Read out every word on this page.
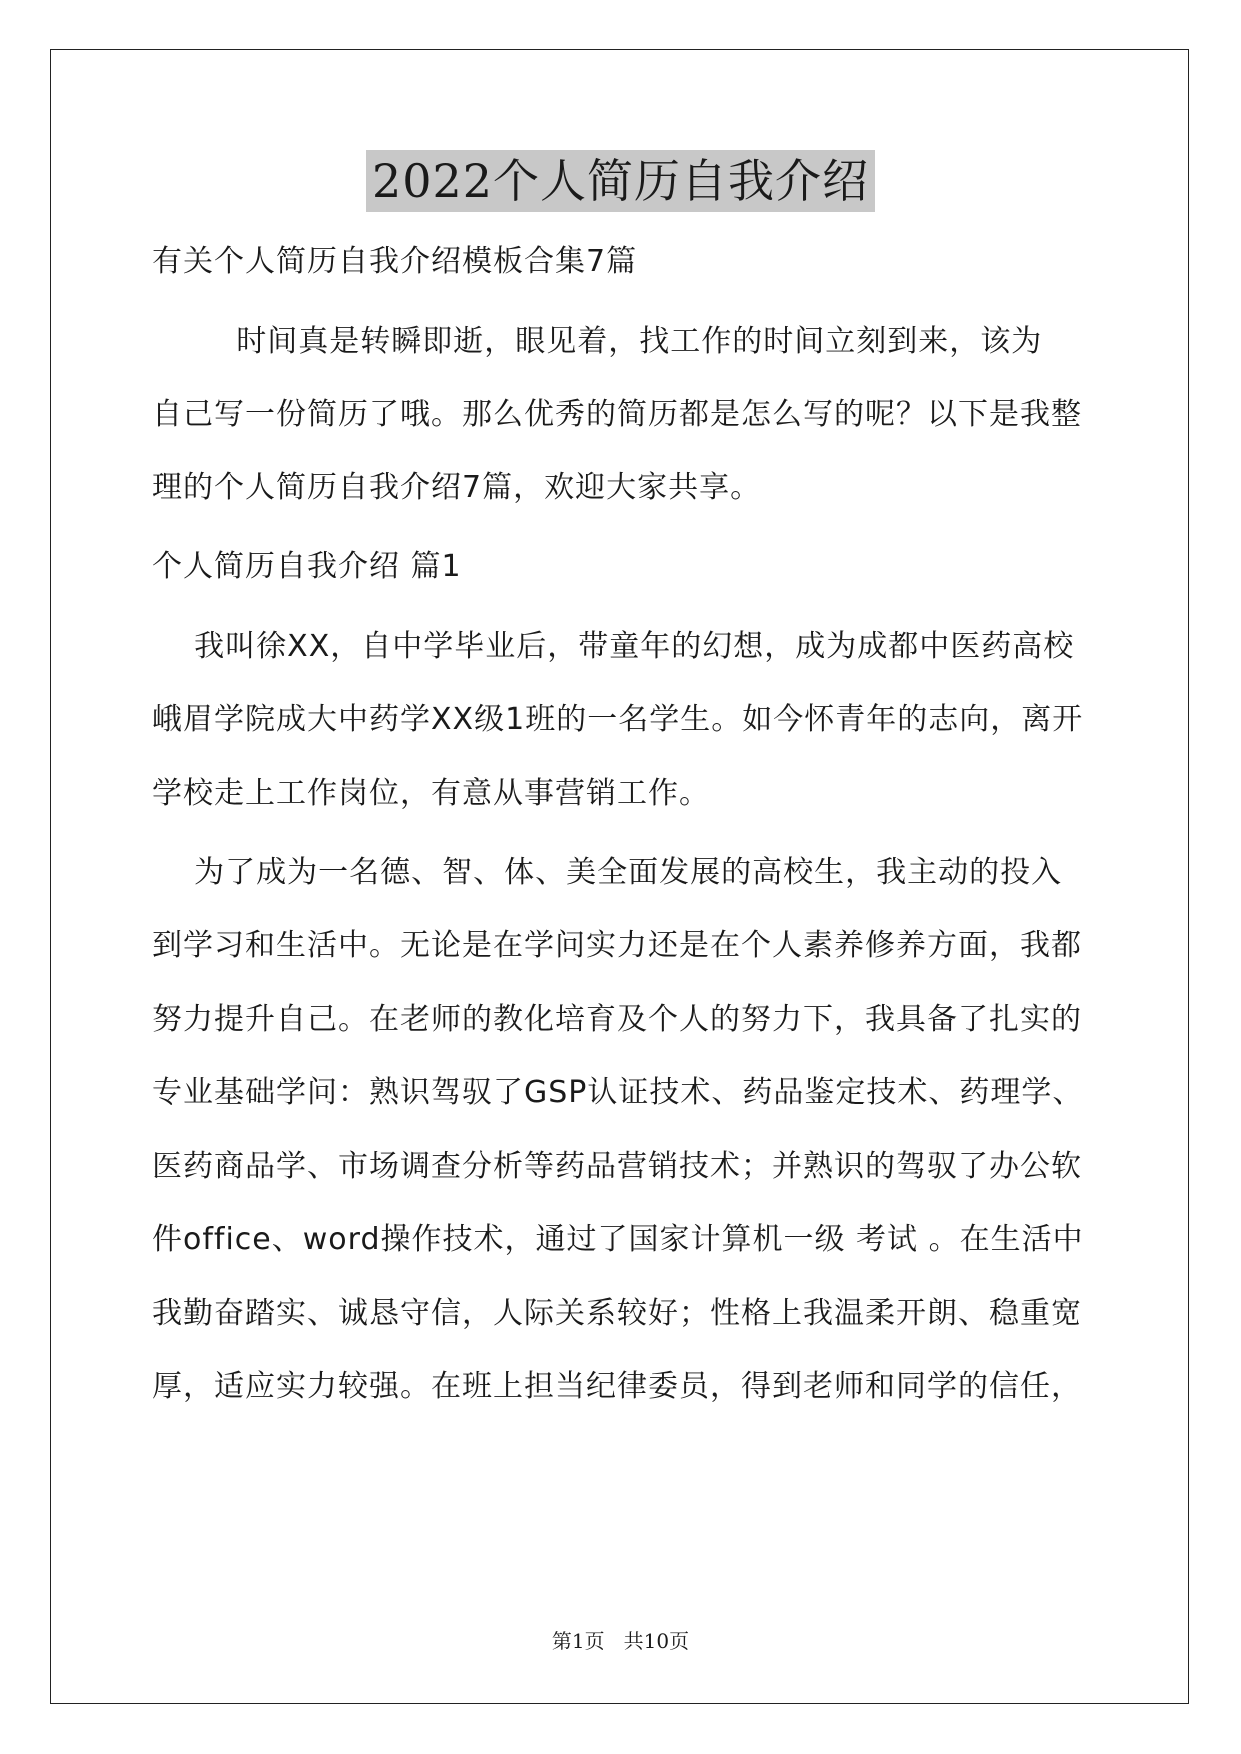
2022个人简历自我介绍
有关个人简历自我介绍模板合集7篇
时间真是转瞬即逝，眼见着，找工作的时间立刻到来，该为
自己写一份简历了哦。那么优秀的简历都是怎么写的呢？以下是我整
理的个人简历自我介绍7篇，欢迎大家共享。
个人简历自我介绍 篇1
我叫徐XX，自中学毕业后，带童年的幻想，成为成都中医药高校
峨眉学院成大中药学XX级1班的一名学生。如今怀青年的志向，离开
学校走上工作岗位，有意从事营销工作。
为了成为一名德、智、体、美全面发展的高校生，我主动的投入
到学习和生活中。无论是在学问实力还是在个人素养修养方面，我都
努力提升自己。在老师的教化培育及个人的努力下，我具备了扎实的
专业基础学问：熟识驾驭了GSP认证技术、药品鉴定技术、药理学、
医药商品学、市场调查分析等药品营销技术；并熟识的驾驭了办公软
件office、word操作技术，通过了国家计算机一级 考试 。在生活中
我勤奋踏实、诚恳守信，人际关系较好；性格上我温柔开朗、稳重宽
厚，适应实力较强。在班上担当纪律委员，得到老师和同学的信任，
第1页   共10页
